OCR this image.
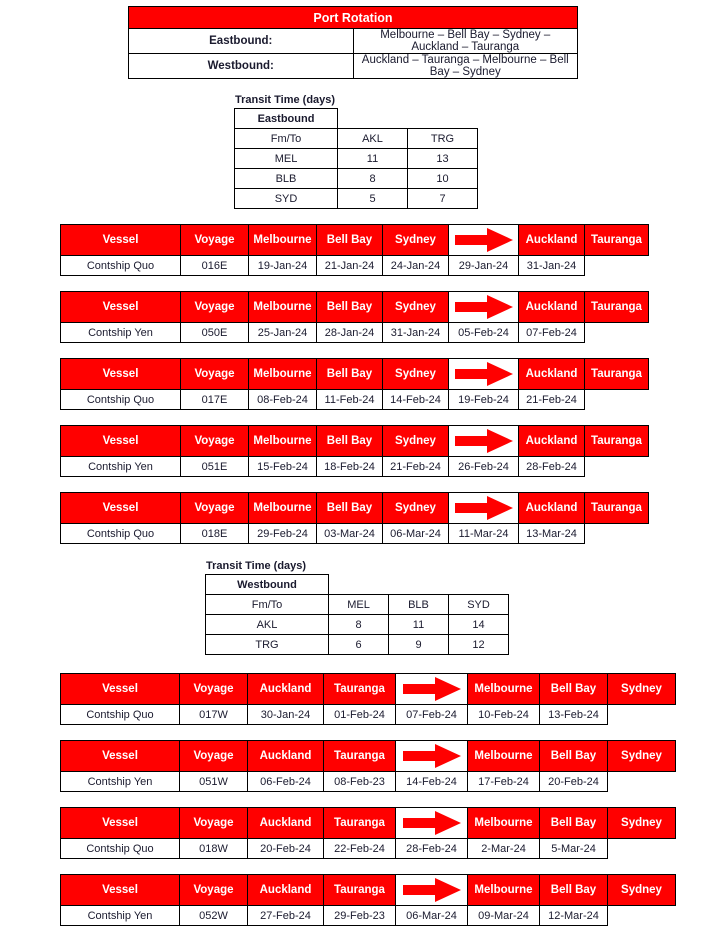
Port Rotation	
Eastbound:	Melbourne – Bell Bay – Sydney – Auckland – Tauranga
Westbound:	Auckland – Tauranga – Melbourne – Bell Bay – Sydney
Transit Time (days)
Eastbound		
Fm/To	AKL	TRG
MEL	11	13
BLB	8	10
SYD	5	7
Transit Time (days)
Westbound			
Fm/To	MEL	BLB	SYD
AKL	8	11	14
TRG	6	9	12
Vessel	Voyage	Melbourne	Bell Bay	Sydney		Auckland	Tauranga
Contship Quo	016E	19-Jan-24	21-Jan-24	24-Jan-24	29-Jan-24	31-Jan-24	
Vessel	Voyage	Melbourne	Bell Bay	Sydney		Auckland	Tauranga
Contship Yen	050E	25-Jan-24	28-Jan-24	31-Jan-24	05-Feb-24	07-Feb-24	
Vessel	Voyage	Melbourne	Bell Bay	Sydney		Auckland	Tauranga
Contship Quo	017E	08-Feb-24	11-Feb-24	14-Feb-24	19-Feb-24	21-Feb-24	
Vessel	Voyage	Melbourne	Bell Bay	Sydney		Auckland	Tauranga
Contship Yen	051E	15-Feb-24	18-Feb-24	21-Feb-24	26-Feb-24	28-Feb-24	
Vessel	Voyage	Melbourne	Bell Bay	Sydney		Auckland	Tauranga
Contship Quo	018E	29-Feb-24	03-Mar-24	06-Mar-24	11-Mar-24	13-Mar-24	
Vessel	Voyage	Auckland	Tauranga		Melbourne	Bell Bay	Sydney
Contship Quo	017W	30-Jan-24	01-Feb-24	07-Feb-24	10-Feb-24	13-Feb-24	
Vessel	Voyage	Auckland	Tauranga		Melbourne	Bell Bay	Sydney
Contship Yen	051W	06-Feb-24	08-Feb-23	14-Feb-24	17-Feb-24	20-Feb-24	
Vessel	Voyage	Auckland	Tauranga		Melbourne	Bell Bay	Sydney
Contship Quo	018W	20-Feb-24	22-Feb-24	28-Feb-24	2-Mar-24	5-Mar-24	
Vessel	Voyage	Auckland	Tauranga		Melbourne	Bell Bay	Sydney
Contship Yen	052W	27-Feb-24	29-Feb-23	06-Mar-24	09-Mar-24	12-Mar-24	
